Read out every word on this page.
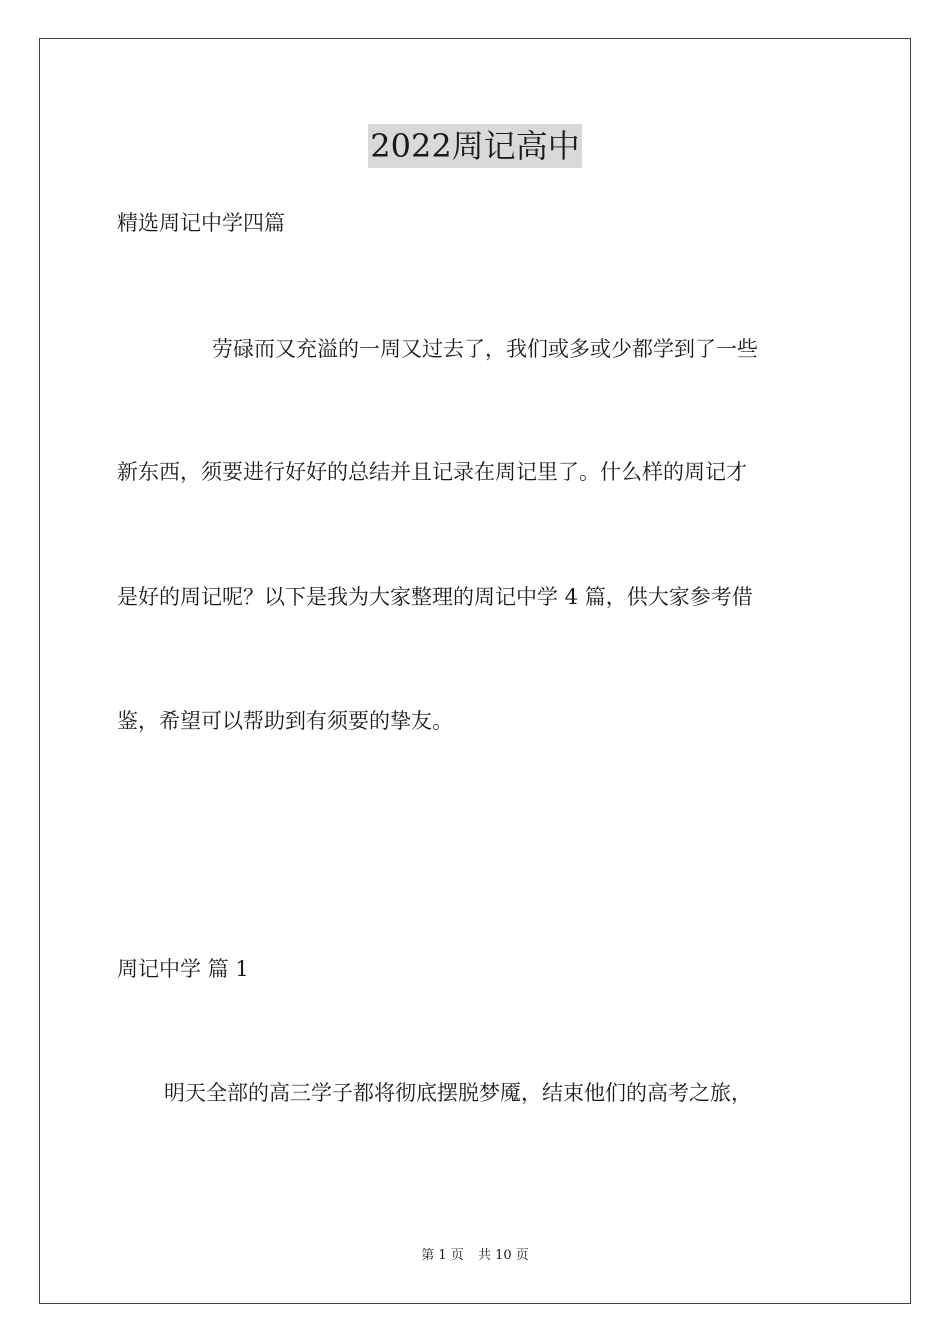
2022周记高中
精选周记中学四篇
劳碌而又充溢的一周又过去了，我们或多或少都学到了一些
新东西，须要进行好好的总结并且记录在周记里了。什么样的周记才
是好的周记呢？以下是我为大家整理的周记中学 4 篇，供大家参考借
鉴，希望可以帮助到有须要的挚友。
周记中学 篇 1
明天全部的高三学子都将彻底摆脱梦魇，结束他们的高考之旅，
第 1 页 共 10 页
